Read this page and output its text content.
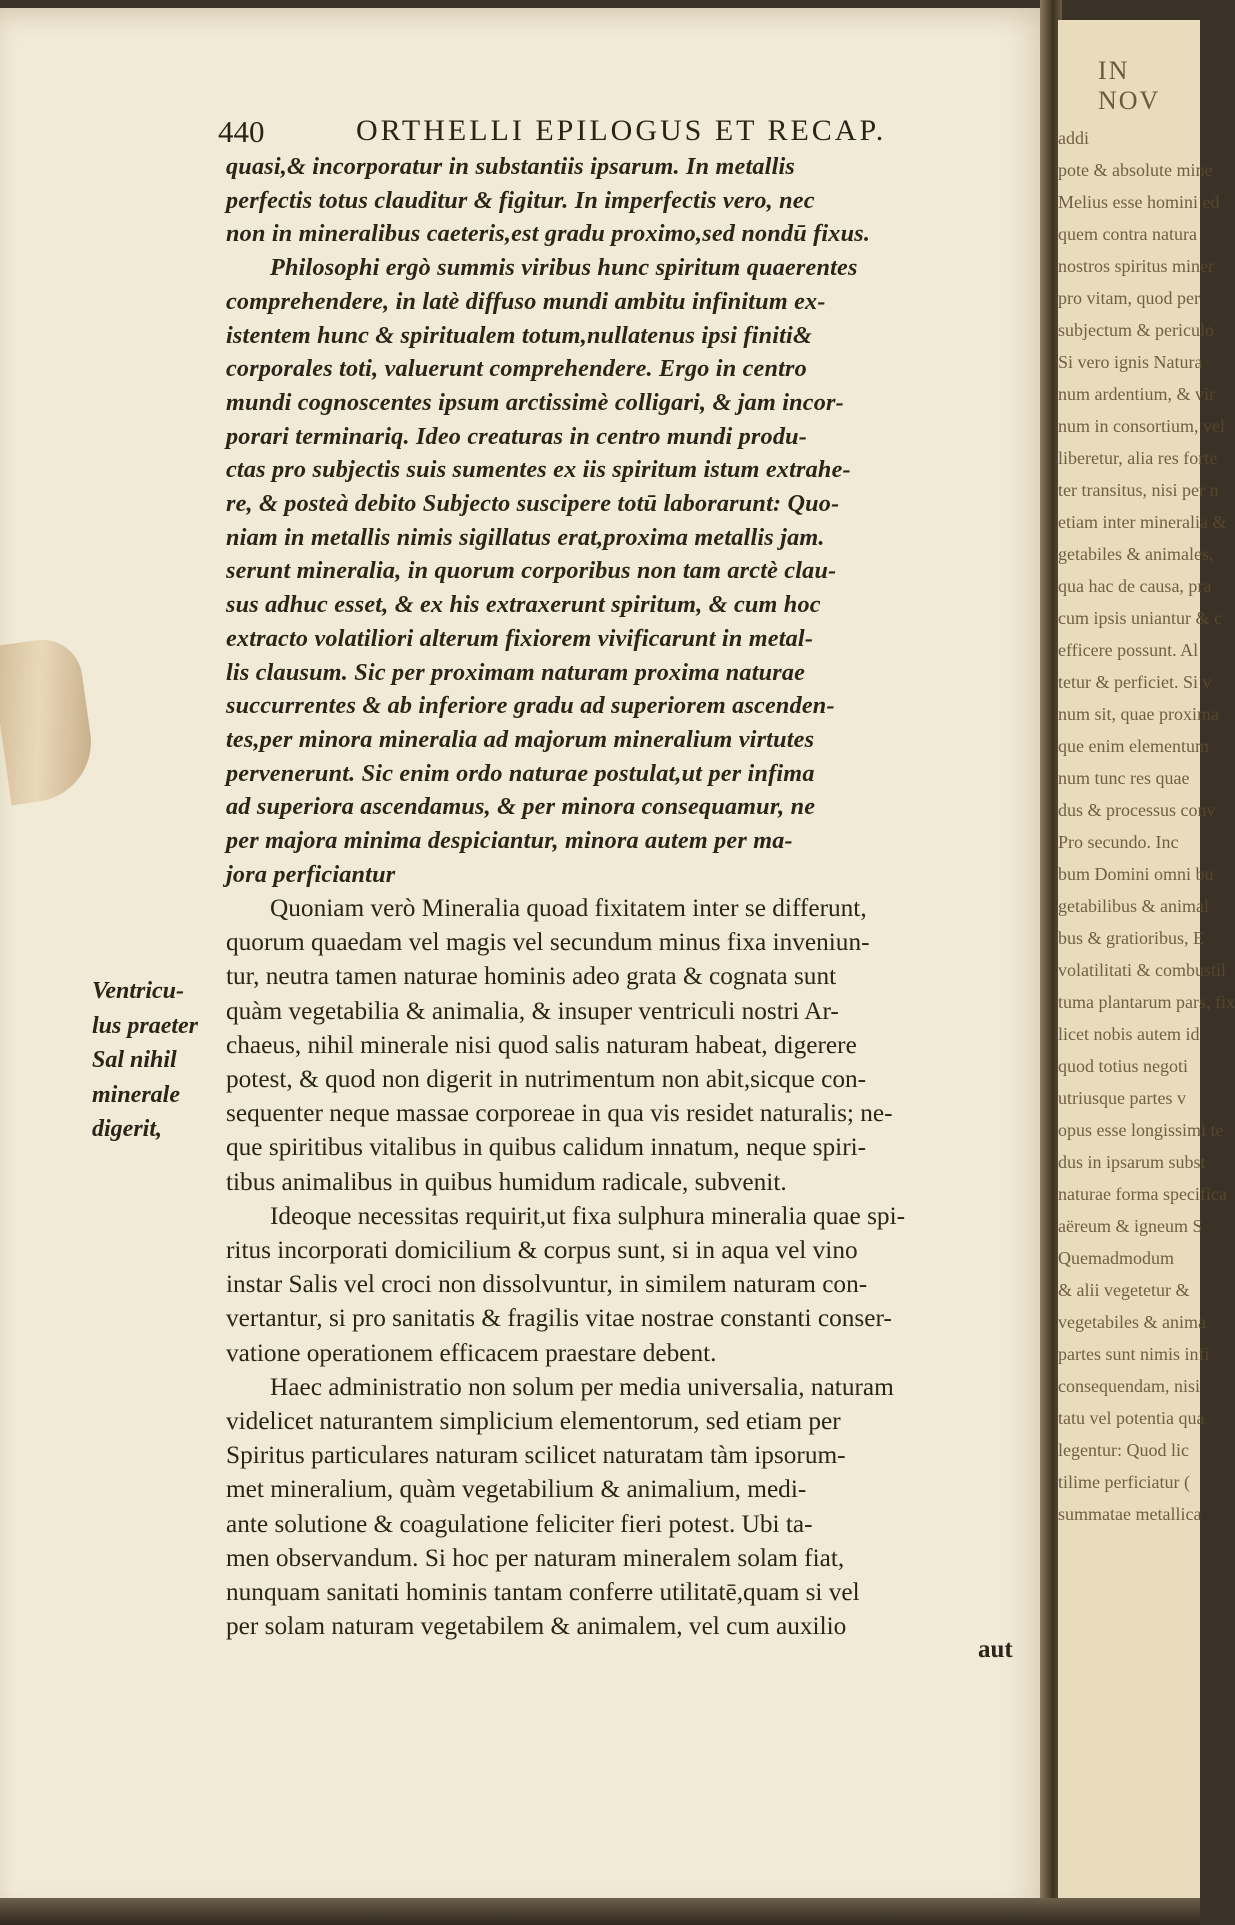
440	ORTHELLI EPILOGUS ET RECAP.
quasi,& incorporatur in substantiis ipsarum. In metallis
perfectis totus clauditur & figitur. In imperfectis vero, nec
non in mineralibus caeteris,est gradu proximo,sed nondū fixus.
Philosophi ergò summis viribus hunc spiritum quaerentes
comprehendere, in latè diffuso mundi ambitu infinitum ex-
istentem hunc & spiritualem totum,nullatenus ipsi finiti&
corporales toti, valuerunt comprehendere. Ergo in centro
mundi cognoscentes ipsum arctissimè colligari, & jam incor-
porari terminariq. Ideo creaturas in centro mundi produ-
ctas pro subjectis suis sumentes ex iis spiritum istum extrahe-
re, & posteà debito Subjecto suscipere totū laborarunt: Quo-
niam in metallis nimis sigillatus erat,proxima metallis jam.
serunt mineralia, in quorum corporibus non tam arctè clau-
sus adhuc esset, & ex his extraxerunt spiritum, & cum hoc
extracto volatiliori alterum fixiorem vivificarunt in metal-
lis clausum. Sic per proximam naturam proxima naturae
succurrentes & ab inferiore gradu ad superiorem ascenden-
tes,per minora mineralia ad majorum mineralium virtutes
pervenerunt. Sic enim ordo naturae postulat,ut per infima
ad superiora ascendamus, & per minora consequamur, ne
per majora minima despiciantur, minora autem per ma-
jora perficiantur
Quoniam verò Mineralia quoad fixitatem inter se differunt,
quorum quaedam vel magis vel secundum minus fixa inveniun-
tur, neutra tamen naturae hominis adeo grata & cognata sunt
quàm vegetabilia & animalia, & insuper ventriculi nostri Ar-
chaeus, nihil minerale nisi quod salis naturam habeat, digerere
potest, & quod non digerit in nutrimentum non abit,sicque con-
sequenter neque massae corporeae in qua vis residet naturalis; ne-
que spiritibus vitalibus in quibus calidum innatum, neque spiri-
tibus animalibus in quibus humidum radicale, subvenit.
Ideoque necessitas requirit,ut fixa sulphura mineralia quae spi-
ritus incorporati domicilium & corpus sunt, si in aqua vel vino
instar Salis vel croci non dissolvuntur, in similem naturam con-
vertantur, si pro sanitatis & fragilis vitae nostrae constanti conser-
vatione operationem efficacem praestare debent.
Haec administratio non solum per media universalia, naturam
videlicet naturantem simplicium elementorum, sed etiam per
Spiritus particulares naturam scilicet naturatam tàm ipsorum-
met mineralium, quàm vegetabilium & animalium, medi-
ante solutione & coagulatione feliciter fieri potest. Ubi ta-
men observandum. Si hoc per naturam mineralem solam fiat,
nunquam sanitati hominis tantam conferre utilitatē,quam si vel
per solam naturam vegetabilem & animalem, vel cum auxilio
Ventricu-
lus praeter
Sal nihil
minerale
digerit,
aut
IN NOV
addi
pote & absolute mine
Melius esse homini ed
quem contra natura
nostros spiritus miner
pro vitam, quod per
subjectum & periculo
Si vero ignis Natura
num ardentium, & vir
num in consortium, vel
liberetur, alia res forte
ter transitus, nisi per n
etiam inter mineralia &
getabiles & animales,
qua hac de causa, pra
cum ipsis uniantur & c
efficere possunt. Al
tetur & perficiet. Si v
num sit, quae proxima
que enim elementum
num tunc res quae
dus & processus conv
Pro secundo. Inc
bum Domini omni bu
getabilibus & animal
bus & gratioribus, E
volatilitati & combustil
tuma plantarum pars, fix
licet nobis autem id
quod totius negoti
utriusque partes v
opus esse longissimi te
dus in ipsarum subst
naturae forma specifica
aëreum & igneum S
Quemadmodum
& alii vegetetur &
vegetabiles & anima
partes sunt nimis infi
consequendam, nisi
tatu vel potentia qua
legentur: Quod lic
tilime perficiatur (
summatae metallica
